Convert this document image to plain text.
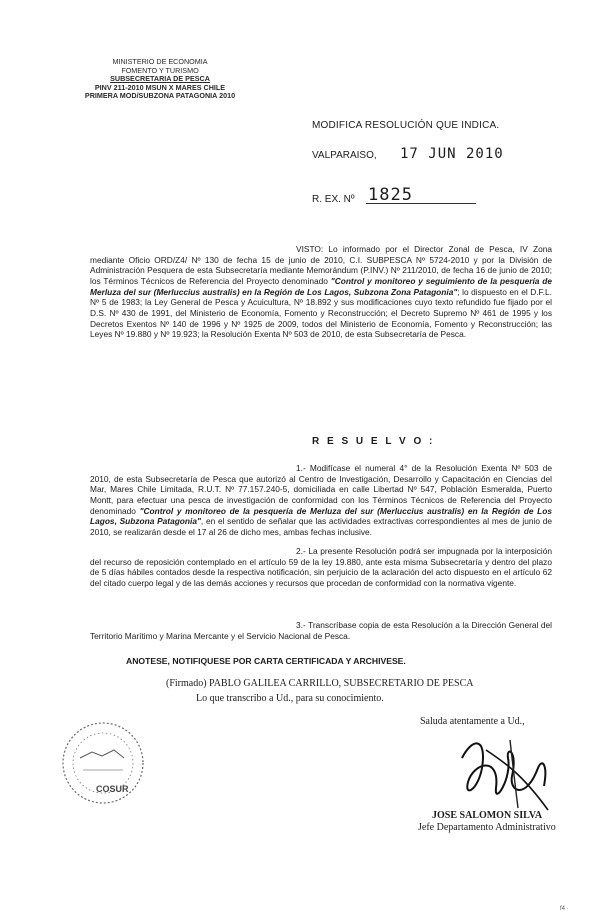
MINISTERIO DE ECONOMIA
FOMENTO Y TURISMO
SUBSECRETARIA DE PESCA
PINV 211-2010 MSUN X MARES CHILE
PRIMERA MOD/SUBZONA PATAGONIA 2010
MODIFICA RESOLUCIÓN QUE INDICA.
VALPARAISO, 17 JUN 2010
R. EX. Nº 1825
VISTO: Lo informado por el Director Zonal de Pesca, IV Zona mediante Oficio ORD/Z4/ Nº 130 de fecha 15 de junio de 2010, C.I. SUBPESCA Nº 5724-2010 y por la División de Administración Pesquera de esta Subsecretaría mediante Memorándum (P.INV.) Nº 211/2010, de fecha 16 de junio de 2010; los Términos Técnicos de Referencia del Proyecto denominado "Control y monitoreo y seguimiento de la pesquería de Merluza del sur (Merluccius australis) en la Región de Los Lagos, Subzona Zona Patagonia"; lo dispuesto en el D.F.L. Nº 5 de 1983; la Ley General de Pesca y Acuicultura, Nº 18.892 y sus modificaciones cuyo texto refundido fue fijado por el D.S. Nº 430 de 1991, del Ministerio de Economía, Fomento y Reconstrucción; el Decreto Supremo Nº 461 de 1995 y los Decretos Exentos Nº 140 de 1996 y Nº 1925 de 2009, todos del Ministerio de Economía, Fomento y Reconstrucción; las Leyes Nº 19.880 y Nº 19.923; la Resolución Exenta Nº 503 de 2010, de esta Subsecretaría de Pesca.
R E S U E L V O :
1.- Modifícase el numeral 4° de la Resolución Exenta Nº 503 de 2010, de esta Subsecretaría de Pesca que autorizó al Centro de Investigación, Desarrollo y Capacitación en Ciencias del Mar, Mares Chile Limitada, R.U.T. Nº 77.157.240-5, domiciliada en calle Libertad Nº 547, Población Esmeralda, Puerto Montt, para efectuar una pesca de investigación de conformidad con los Términos Técnicos de Referencia del Proyecto denominado "Control y monitoreo de la pesquería de Merluza del sur (Merluccius australis) en la Región de Los Lagos, Subzona Patagonia", en el sentido de señalar que las actividades extractivas correspondientes al mes de junio de 2010, se realizarán desde el 17 al 26 de dicho mes, ambas fechas inclusive.
2.- La presente Resolución podrá ser impugnada por la interposición del recurso de reposición contemplado en el artículo 59 de la ley 19.880, ante esta misma Subsecretaría y dentro del plazo de 5 días hábiles contados desde la respectiva notificación, sin perjuicio de la aclaración del acto dispuesto en el artículo 62 del citado cuerpo legal y de las demás acciones y recursos que procedan de conformidad con la normativa vigente.
3.- Transcríbase copia de esta Resolución a la Dirección General del Territorio Marítimo y Marina Mercante y el Servicio Nacional de Pesca.
ANOTESE, NOTIFIQUESE POR CARTA CERTIFICADA Y ARCHIVESE.
(Firmado) PABLO GALILEA CARRILLO, SUBSECRETARIO DE PESCA
Lo que transcribo a Ud., para su conocimiento.
Saluda atentamente a Ud.,
COSUR
JOSE SALOMON SILVA
Jefe Departamento Administrativo
f4 ·
